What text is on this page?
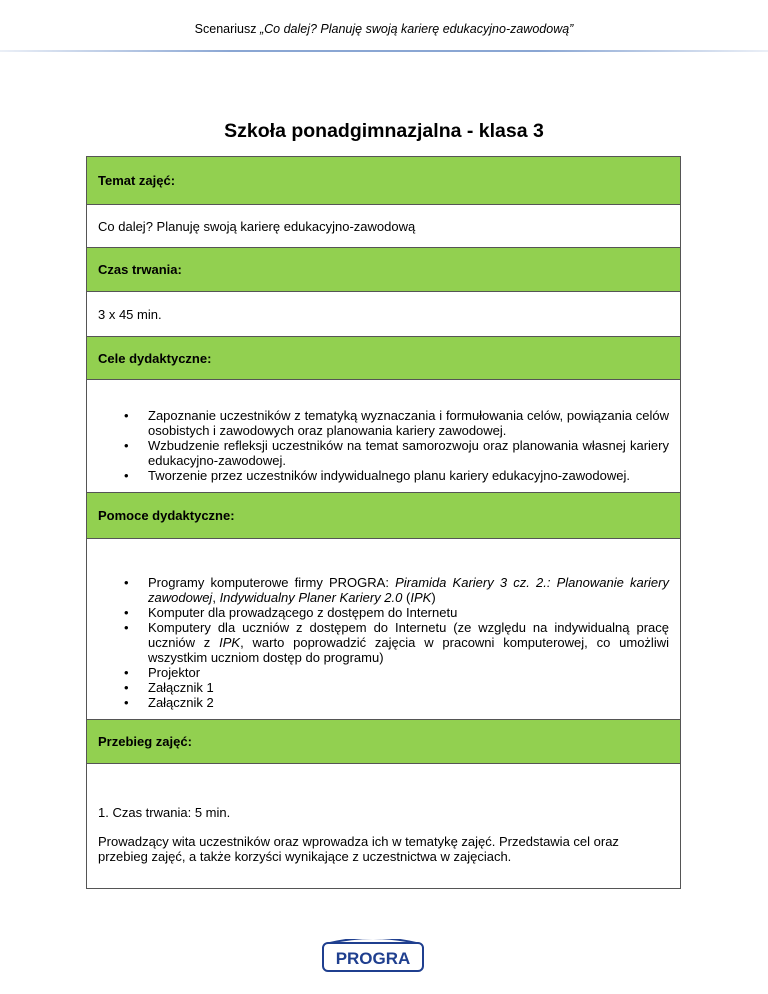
Scenariusz „Co dalej? Planuję swoją karierę edukacyjno-zawodową”
Szkoła ponadgimnazjalna - klasa 3
Temat zajęć:
Co dalej? Planuję swoją karierę edukacyjno-zawodową
Czas trwania:
3 x 45 min.
Cele dydaktyczne:

• Zapoznanie uczestników z tematyką wyznaczania i formułowania celów, powiązania celów osobistych i zawodowych oraz planowania kariery zawodowej.
• Wzbudzenie refleksji uczestników na temat samorozwoju oraz planowania własnej kariery edukacyjno-zawodowej.
• Tworzenie przez uczestników indywidualnego planu kariery edukacyjno-zawodowej.

Pomoce dydaktyczne:

• Programy komputerowe firmy PROGRA: Piramida Kariery 3 cz. 2.: Planowanie kariery zawodowej, Indywidualny Planer Kariery 2.0 (IPK)
• Komputer dla prowadzącego z dostępem do Internetu
• Komputery dla uczniów z dostępem do Internetu (ze względu na indywidualną pracę uczniów z IPK, warto poprowadzić zajęcia w pracowni komputerowej, co umożliwi wszystkim uczniom dostęp do programu)
• Projektor
• Załącznik 1
• Załącznik 2

Przebieg zajęć:

1. Czas trwania: 5 min.

Prowadzący wita uczestników oraz wprowadza ich w tematykę zajęć. Przedstawia cel oraz przebieg zajęć, a także korzyści wynikające z uczestnictwa w zajęciach.

PROGRA
